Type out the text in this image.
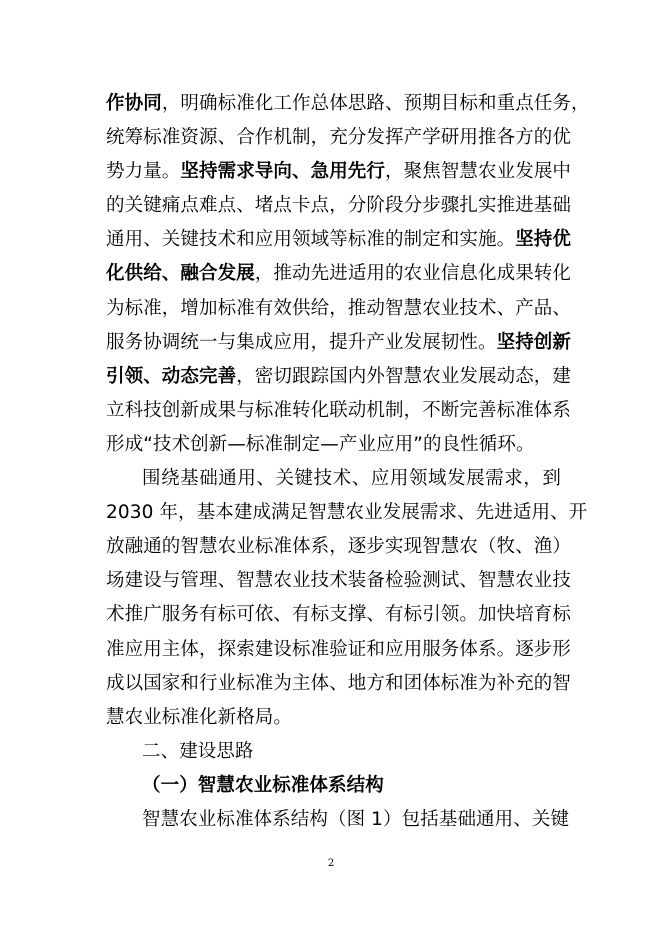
作协同，明确标准化工作总体思路、预期目标和重点任务，
统筹标准资源、合作机制，充分发挥产学研用推各方的优
势力量。坚持需求导向、急用先行，聚焦智慧农业发展中
的关键痛点难点、堵点卡点，分阶段分步骤扎实推进基础
通用、关键技术和应用领域等标准的制定和实施。坚持优
化供给、融合发展，推动先进适用的农业信息化成果转化
为标准，增加标准有效供给，推动智慧农业技术、产品、
服务协调统一与集成应用，提升产业发展韧性。坚持创新
引领、动态完善，密切跟踪国内外智慧农业发展动态，建
立科技创新成果与标准转化联动机制，不断完善标准体系
形成“技术创新—标准制定—产业应用”的良性循环。
围绕基础通用、关键技术、应用领域发展需求，到
2030 年，基本建成满足智慧农业发展需求、先进适用、开
放融通的智慧农业标准体系，逐步实现智慧农（牧、渔）
场建设与管理、智慧农业技术装备检验测试、智慧农业技
术推广服务有标可依、有标支撑、有标引领。加快培育标
准应用主体，探索建设标准验证和应用服务体系。逐步形
成以国家和行业标准为主体、地方和团体标准为补充的智
慧农业标准化新格局。
二、建设思路
（一）智慧农业标准体系结构
智慧农业标准体系结构（图 1）包括基础通用、关键
2
